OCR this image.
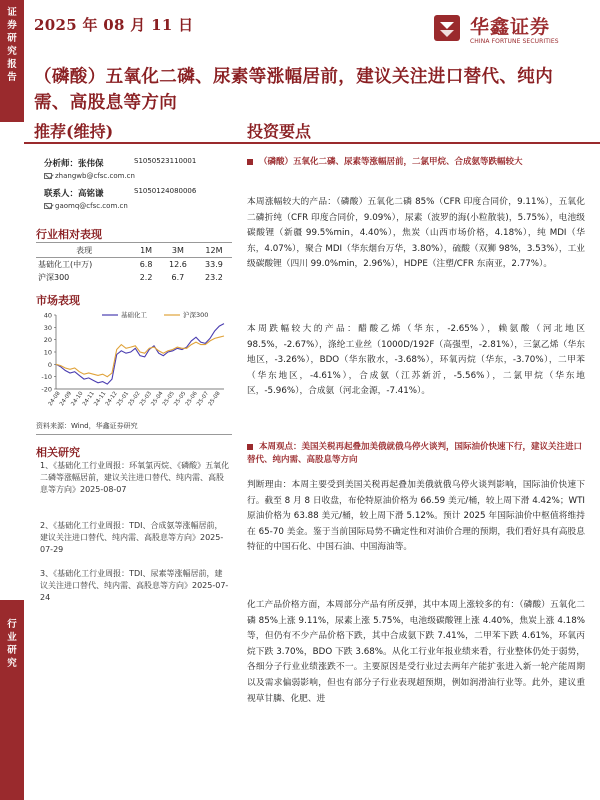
证
券
研
究
报
告
行
业
研
究
2025 年 08 月 11 日	华鑫证券
CHINA FORTUNE SECURITIES
（磷酸）五氧化二磷、尿素等涨幅居前，建议关注进口替代、纯内需、高股息等方向
推荐(维持)	投资要点
分析师：张伟保	S1050523110001
zhangwb@cfsc.com.cn
联系人：高铭谦	S1050124080006
gaomq@cfsc.com.cn
行业相对表现
表现	1M	3M	12M
基础化工(中万)	6.8	12.6	33.9
沪深300	2.2	6.7	23.2
市场表现
-20
-10
0
10
20
30
40
24-08
24-09
24-10
24-11
24-11
24-12
25-01
25-02
25-03
25-04
25-05
25-05
25-06
25-07
25-08
基础化工	沪深300
资料来源：Wind，华鑫证券研究
相关研究
1、《基础化工行业周报：环氧氯丙烷、《磷酸》五氧化二磷等涨幅居前，建议关注进口替代、纯内需、高股息等方向》2025-08-07
2、《基础化工行业周报：TDI、合成氨等涨幅居前，建议关注进口替代、纯内需、高股息等方向》2025-07-29
3、《基础化工行业周报：TDI、尿素等涨幅居前，建议关注进口替代、纯内需、高股息等方向》2025-07-24
（磷酸）五氧化二磷、尿素等涨幅居前，二氯甲烷、合成氨等跌幅较大
本周涨幅较大的产品：（磷酸）五氧化二磷 85%（CFR 印度合同价，9.11%），五氧化二磷折纯（CFR 印度合同价，9.09%），尿素（波罗的海(小粒散装)，5.75%），电池级碳酸锂（新疆 99.5%min，4.40%），焦炭（山西市场价格，4.18%），纯 MDI（华东，4.07%），聚合 MDI（华东烟台万华，3.80%），硫酸（双狮 98%，3.53%），工业级碳酸锂（四川 99.0%min，2.96%），HDPE（注塑/CFR 东南亚，2.77%）。
本周跌幅较大的产品：醋酸乙烯（华东，-2.65%），赖氨酸（河北地区 98.5%，-2.67%），涤纶工业丝（1000D/192F（高强型，-2.81%），三氯乙烯（华东地区，-3.26%），BDO（华东散水，-3.68%），环氧丙烷（华东，-3.70%），二甲苯（华东地区，-4.61%），合成氨（江苏新沂，-5.56%），二氯甲烷（华东地区，-5.96%），合成氨（河北金源，-7.41%）。
本周观点：美国关税再起叠加美俄就俄乌停火谈判，国际油价快速下行，建议关注进口替代、纯内需、高股息等方向
判断理由：本周主要受到美国关税再起叠加美俄就俄乌停火谈判影响，国际油价快速下行。截至 8 月 8 日收盘，布伦特原油价格为 66.59 美元/桶，较上周下滑 4.42%；WTI 原油价格为 63.88 美元/桶，较上周下滑 5.12%。预计 2025 年国际油价中枢值将维持在 65-70 美金。鉴于当前国际局势不确定性和对油价合理的预期，我们看好具有高股息特征的中国石化、中国石油、中国海油等。
化工产品价格方面，本周部分产品有所反弹，其中本周上涨较多的有：（磷酸）五氧化二磷 85%上涨 9.11%，尿素上涨 5.75%，电池级碳酸锂上涨 4.40%，焦炭上涨 4.18%等，但仍有不少产品价格下跌，其中合成氨下跌 7.41%，二甲苯下跌 4.61%，环氧丙烷下跌 3.70%，BDO 下跌 3.68%。从化工行业年报业绩来看，行业整体仍处于弱势，各细分子行业业绩涨跌不一。主要原因是受行业过去两年产能扩张进入新一轮产能周期以及需求偏弱影响，但也有部分子行业表现超预期，例如润滑油行业等。此外，建议重视草甘膦、化肥、进
